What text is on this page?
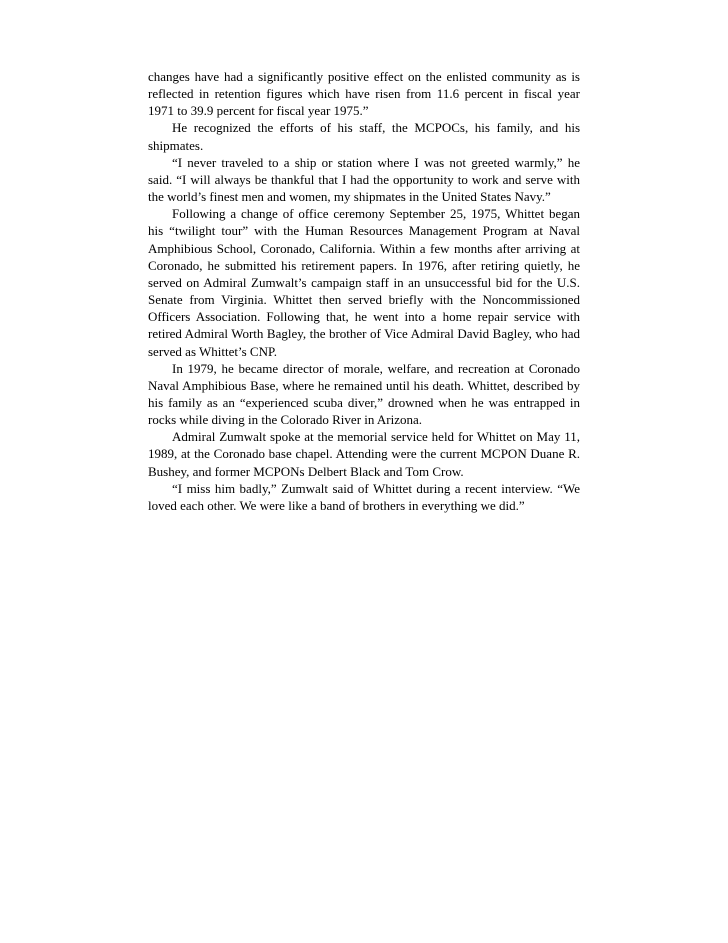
changes have had a significantly positive effect on the enlisted community as is reflected in retention figures which have risen from 11.6 percent in fiscal year 1971 to 39.9 percent for fiscal year 1975.”

He recognized the efforts of his staff, the MCPOCs, his family, and his shipmates.

“I never traveled to a ship or station where I was not greeted warmly,” he said. “I will always be thankful that I had the opportunity to work and serve with the world’s finest men and women, my shipmates in the United States Navy.”

Following a change of office ceremony September 25, 1975, Whittet began his “twilight tour” with the Human Resources Management Program at Naval Amphibious School, Coronado, California. Within a few months after arriving at Coronado, he submitted his retirement papers. In 1976, after retiring quietly, he served on Admiral Zumwalt’s campaign staff in an unsuccessful bid for the U.S. Senate from Virginia. Whittet then served briefly with the Noncommissioned Officers Association. Following that, he went into a home repair service with retired Admiral Worth Bagley, the brother of Vice Admiral David Bagley, who had served as Whittet’s CNP.

In 1979, he became director of morale, welfare, and recreation at Coronado Naval Amphibious Base, where he remained until his death. Whittet, described by his family as an “experienced scuba diver,” drowned when he was entrapped in rocks while diving in the Colorado River in Arizona.

Admiral Zumwalt spoke at the memorial service held for Whittet on May 11, 1989, at the Coronado base chapel. Attending were the current MCPON Duane R. Bushey, and former MCPONs Delbert Black and Tom Crow.

“I miss him badly,” Zumwalt said of Whittet during a recent interview. “We loved each other. We were like a band of brothers in everything we did.”
